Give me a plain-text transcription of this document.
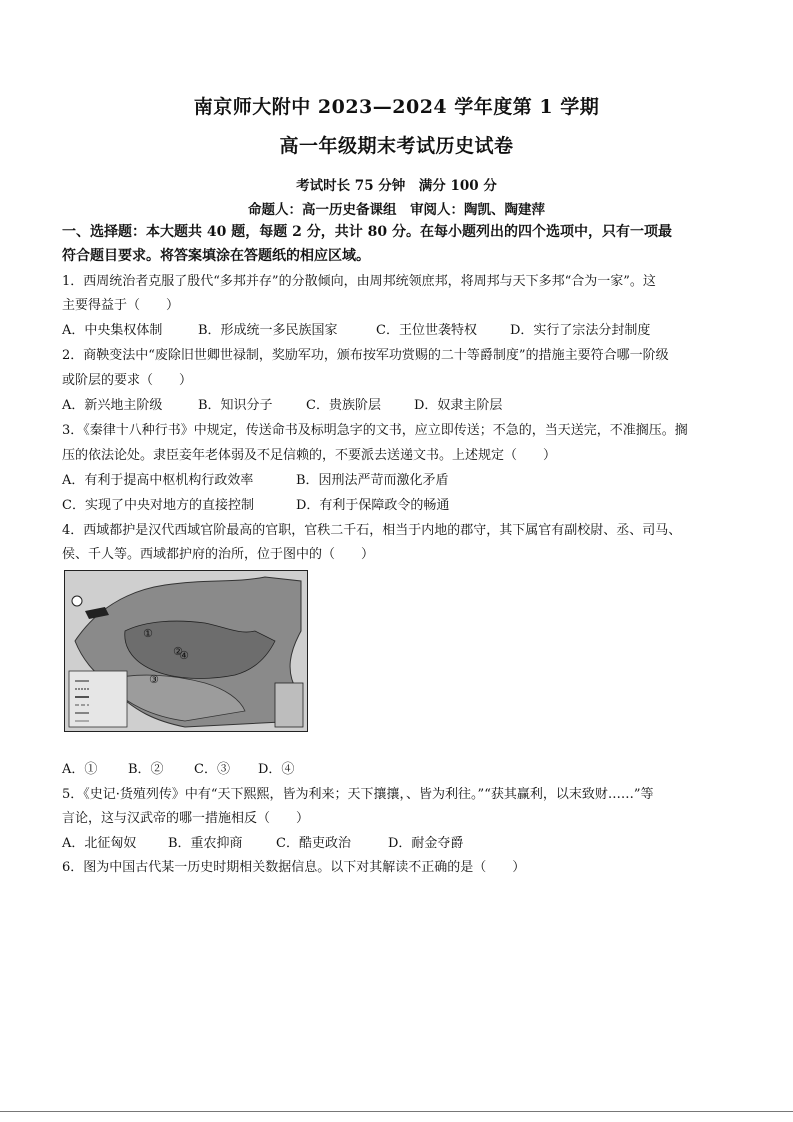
南京师大附中 2023—2024 学年度第 1 学期
高一年级期末考试历史试卷
考试时长 75 分钟　满分 100 分
命题人：高一历史备课组　审阅人：陶凯、陶建萍
一、选择题：本大题共 40 题，每题 2 分，共计 80 分。在每小题列出的四个选项中，只有一项最
符合题目要求。将答案填涂在答题纸的相应区域。
1．西周统治者克服了殷代“多邦并存”的分散倾向，由周邦统领庶邦，将周邦与天下多邦“合为一家”。这
主要得益于（　　）
A．中央集权体制	B．形成统一多民族国家	C．王位世袭特权	D．实行了宗法分封制度
2．商鞅变法中“废除旧世卿世禄制，奖励军功，颁布按军功赏赐的二十等爵制度”的措施主要符合哪一阶级
或阶层的要求（　　）
A．新兴地主阶级	B．知识分子	C．贵族阶层	D．奴隶主阶层
3．《秦律十八种行书》中规定，传送命书及标明急字的文书，应立即传送；不急的，当天送完，不准搁压。搁
压的依法论处。隶臣妾年老体弱及不足信赖的，不要派去送递文书。上述规定（　　）
A．有利于提高中枢机构行政效率	B．因刑法严苛而激化矛盾
C．实现了中央对地方的直接控制	D．有利于保障政令的畅通
4．西域都护是汉代西域官阶最高的官职，官秩二千石，相当于内地的郡守，其下属官有副校尉、丞、司马、
侯、千人等。西域都护府的治所，位于图中的（　　）
①
②
③
④
A．①	B．②	C．③	D．④
5．《史记·货殖列传》中有“天下熙熙，皆为利来；天下攘攘，、皆为利往。”“获其赢利，以末致财……”等
言论，这与汉武帝的哪一措施相反（　　）
A．北征匈奴	B．重农抑商	C．酷吏政治	D．耐金夺爵
6．图为中国古代某一历史时期相关数据信息。以下对其解读不正确的是（　　）
